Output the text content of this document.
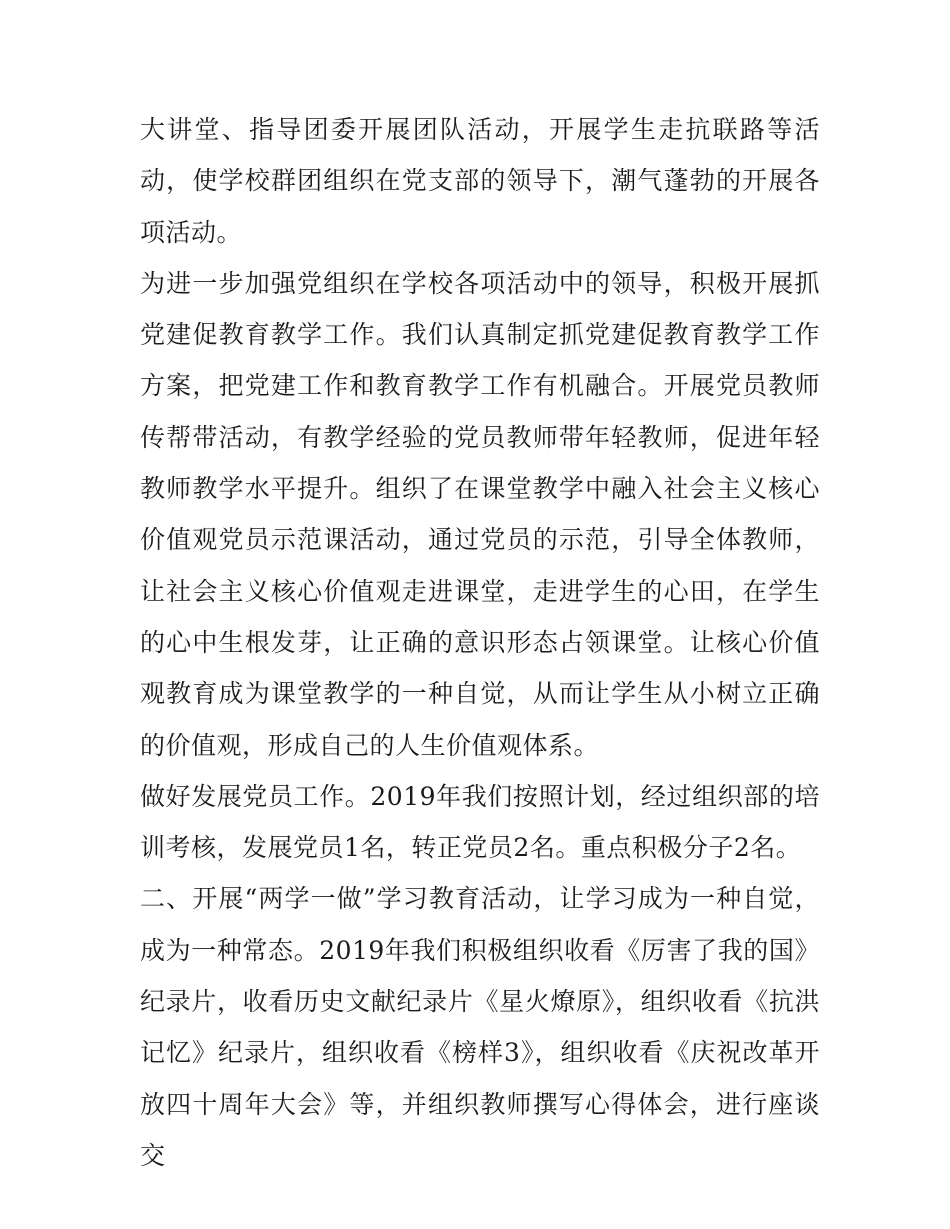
大讲堂、指导团委开展团队活动，开展学生走抗联路等活动，使学校群团组织在党支部的领导下，潮气蓬勃的开展各项活动。

为进一步加强党组织在学校各项活动中的领导，积极开展抓党建促教育教学工作。我们认真制定抓党建促教育教学工作方案，把党建工作和教育教学工作有机融合。开展党员教师传帮带活动，有教学经验的党员教师带年轻教师，促进年轻教师教学水平提升。组织了在课堂教学中融入社会主义核心价值观党员示范课活动，通过党员的示范，引导全体教师，让社会主义核心价值观走进课堂，走进学生的心田，在学生的心中生根发芽，让正确的意识形态占领课堂。让核心价值观教育成为课堂教学的一种自觉，从而让学生从小树立正确的价值观，形成自己的人生价值观体系。

做好发展党员工作。2019年我们按照计划，经过组织部的培训考核，发展党员1名，转正党员2名。重点积极分子2名。

二、开展“两学一做”学习教育活动，让学习成为一种自觉，成为一种常态。2019年我们积极组织收看《厉害了我的国》纪录片，收看历史文献纪录片《星火燎原》，组织收看《抗洪记忆》纪录片，组织收看《榜样3》，组织收看《庆祝改革开放四十周年大会》等，并组织教师撰写心得体会，进行座谈交
